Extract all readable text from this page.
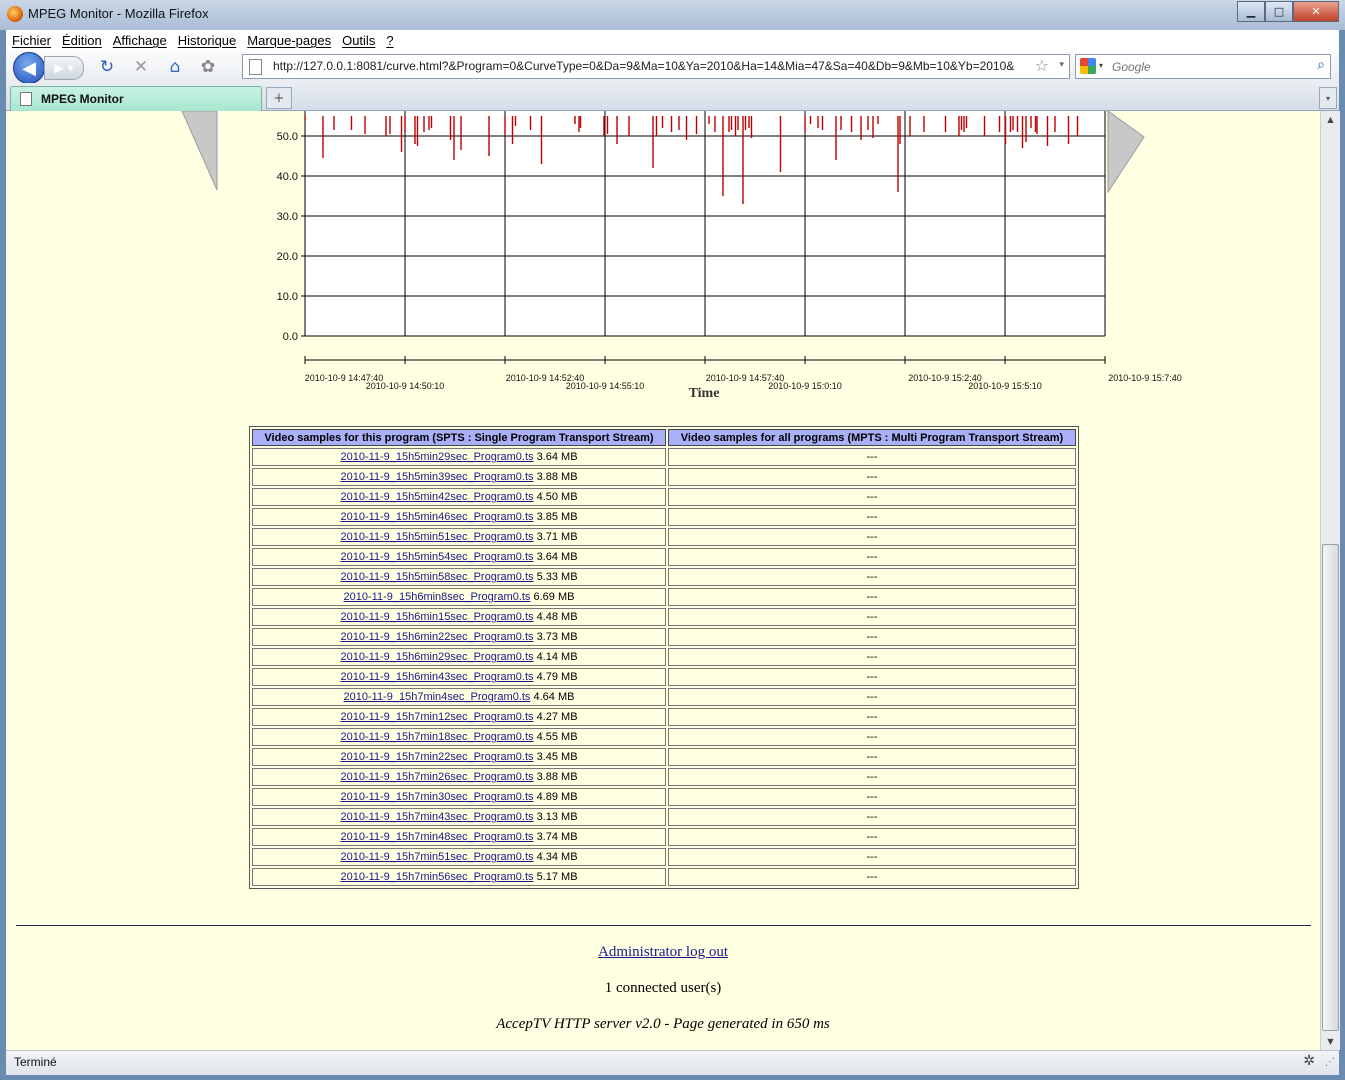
MPEG Monitor - Mozilla Firefox	▁	□	✕
Fichier Édition Affichage Historique Marque-pages Outils ?
◀ ▶ ▾ ↻ ✕	⌂	✿	http://127.0.0.1:8081/curve.html?&Program=0&CurveType=0&Da=9&Ma=10&Ya=2010&Ha=14&Mia=47&Sa=40&Db=9&Mb=10&Yb=2010&	☆ ▾	▾
Google	⌕
MPEG Monitor	+	▾
0.0
10.0
20.0
30.0
40.0
50.0
2010-10-9 14:47:40	2010-10-9 14:52:40	2010-10-9 14:57:40	2010-10-9 15:2:40	2010-10-9 15:7:40
2010-10-9 14:50:10	2010-10-9 14:55:10	2010-10-9 15:0:10	2010-10-9 15:5:10
Time
Video samples for this program (SPTS : Single Program Transport Stream)	Video samples for all programs (MPTS : Multi Program Transport Stream)
2010-11-9_15h5min29sec_Program0.ts 3.64 MB	---
2010-11-9_15h5min39sec_Program0.ts 3.88 MB	---
2010-11-9_15h5min42sec_Program0.ts 4.50 MB	---
2010-11-9_15h5min46sec_Program0.ts 3.85 MB	---
2010-11-9_15h5min51sec_Program0.ts 3.71 MB	---
2010-11-9_15h5min54sec_Program0.ts 3.64 MB	---
2010-11-9_15h5min58sec_Program0.ts 5.33 MB	---
2010-11-9_15h6min8sec_Program0.ts 6.69 MB	---
2010-11-9_15h6min15sec_Program0.ts 4.48 MB	---
2010-11-9_15h6min22sec_Program0.ts 3.73 MB	---
2010-11-9_15h6min29sec_Program0.ts 4.14 MB	---
2010-11-9_15h6min43sec_Program0.ts 4.79 MB	---
2010-11-9_15h7min4sec_Program0.ts 4.64 MB	---
2010-11-9_15h7min12sec_Program0.ts 4.27 MB	---
2010-11-9_15h7min18sec_Program0.ts 4.55 MB	---
2010-11-9_15h7min22sec_Program0.ts 3.45 MB	---
2010-11-9_15h7min26sec_Program0.ts 3.88 MB	---
2010-11-9_15h7min30sec_Program0.ts 4.89 MB	---
2010-11-9_15h7min43sec_Program0.ts 3.13 MB	---
2010-11-9_15h7min48sec_Program0.ts 3.74 MB	---
2010-11-9_15h7min51sec_Program0.ts 4.34 MB	---
2010-11-9_15h7min56sec_Program0.ts 5.17 MB	---
Administrator log out
1 connected user(s)
AccepTV HTTP server v2.0 - Page generated in 650 ms
▲
▼
Terminé	✲ ⋰
